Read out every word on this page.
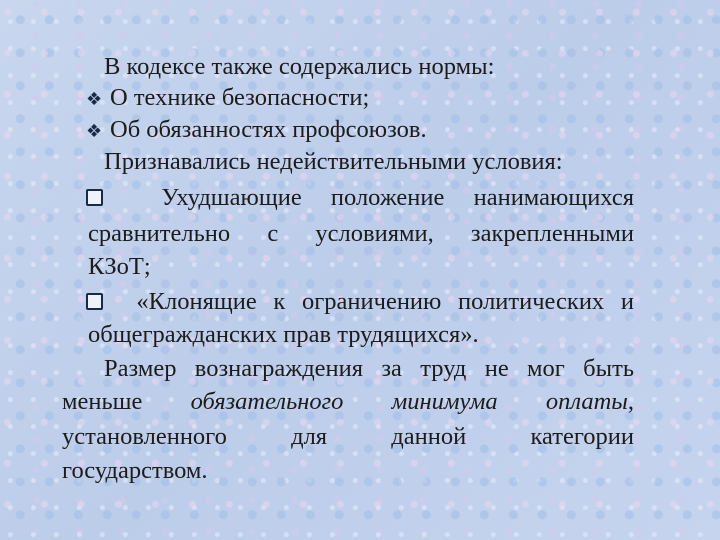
В кодексе также содержались нормы:

❖ О технике безопасности;

❖ Об обязанностях профсоюзов.

Признавались недействительными условия:

Ухудшающие положение нанимающихся

сравнительно с условиями, закрепленными

КЗоТ;

«Клонящие к ограничению политических и

общегражданских прав трудящихся».

Размер вознаграждения за труд не мог быть

меньше обязательного минимума оплаты,

установленного для данной категории

государством.
